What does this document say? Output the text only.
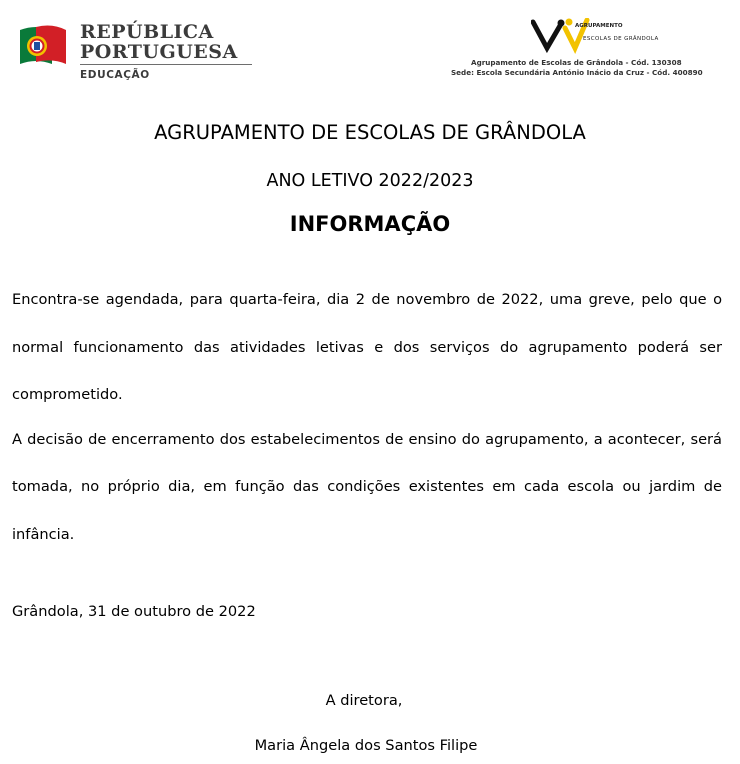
REPÚBLICA
PORTUGUESA
EDUCAÇÃO
AGRUPAMENTO
ESCOLAS DE GRÂNDOLA
Agrupamento de Escolas de Grândola - Cód. 130308
Sede: Escola Secundária António Inácio da Cruz - Cód. 400890
AGRUPAMENTO DE ESCOLAS DE GRÂNDOLA
ANO LETIVO 2022/2023
INFORMAÇÃO

Encontra-se agendada, para quarta-feira, dia 2 de novembro de 2022, uma greve, pelo que o normal funcionamento das atividades letivas e dos serviços do agrupamento poderá ser comprometido.

A decisão de encerramento dos estabelecimentos de ensino do agrupamento, a acontecer, será tomada, no próprio dia, em função das condições existentes em cada escola ou jardim de infância.

Grândola, 31 de outubro de 2022
A diretora,
Maria Ângela dos Santos Filipe
